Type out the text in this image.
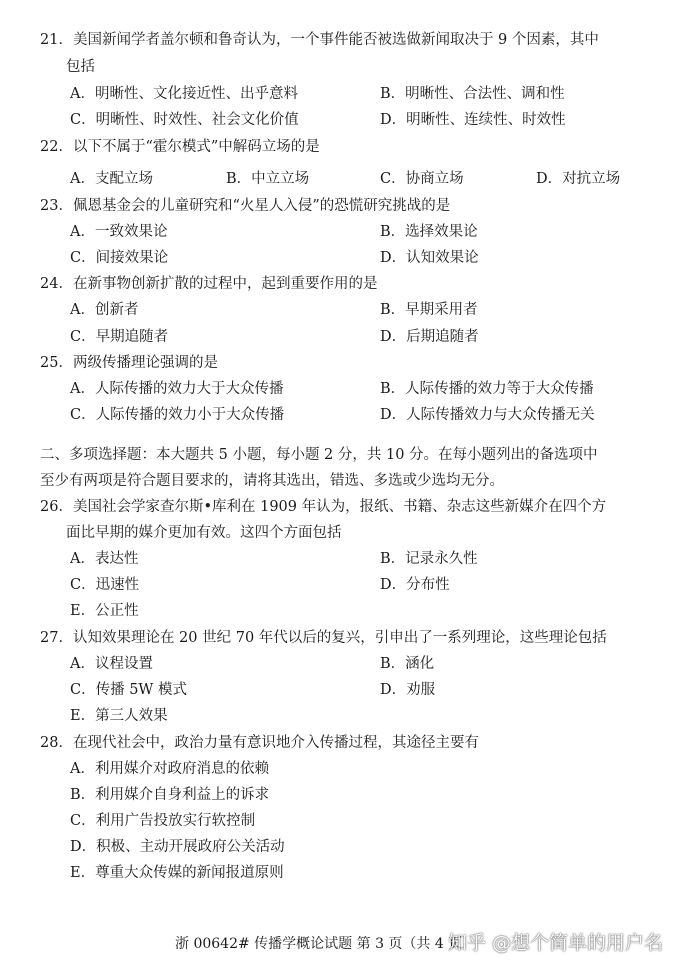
21．美国新闻学者盖尔顿和鲁奇认为，一个事件能否被选做新闻取决于 9 个因素，其中
包括
A．明晰性、文化接近性、出乎意料	B．明晰性、合法性、调和性
C．明晰性、时效性、社会文化价值	D．明晰性、连续性、时效性
22．以下不属于“霍尔模式”中解码立场的是
A．支配立场	B．中立立场	C．协商立场	D．对抗立场
23．佩恩基金会的儿童研究和“火星人入侵”的恐慌研究挑战的是
A．一致效果论	B．选择效果论
C．间接效果论	D．认知效果论
24．在新事物创新扩散的过程中，起到重要作用的是
A．创新者	B．早期采用者
C．早期追随者	D．后期追随者
25．两级传播理论强调的是
A．人际传播的效力大于大众传播	B．人际传播的效力等于大众传播
C．人际传播的效力小于大众传播	D．人际传播效力与大众传播无关
二、多项选择题：本大题共 5 小题，每小题 2 分，共 10 分。在每小题列出的备选项中
至少有两项是符合题目要求的，请将其选出，错选、多选或少选均无分。
26．美国社会学家查尔斯•库利在 1909 年认为，报纸、书籍、杂志这些新媒介在四个方
面比早期的媒介更加有效。这四个方面包括
A．表达性	B．记录永久性
C．迅速性	D．分布性
E．公正性
27．认知效果理论在 20 世纪 70 年代以后的复兴，引申出了一系列理论，这些理论包括
A．议程设置	B．涵化
C．传播 5W 模式	D．劝服
E．第三人效果
28．在现代社会中，政治力量有意识地介入传播过程，其途径主要有
A．利用媒介对政府消息的依赖
B．利用媒介自身利益上的诉求
C．利用广告投放实行软控制
D．积极、主动开展政府公关活动
E．尊重大众传媒的新闻报道原则
浙 00642# 传播学概论试题 第 3 页（共 4 页
知乎 @想个简单的用户名
